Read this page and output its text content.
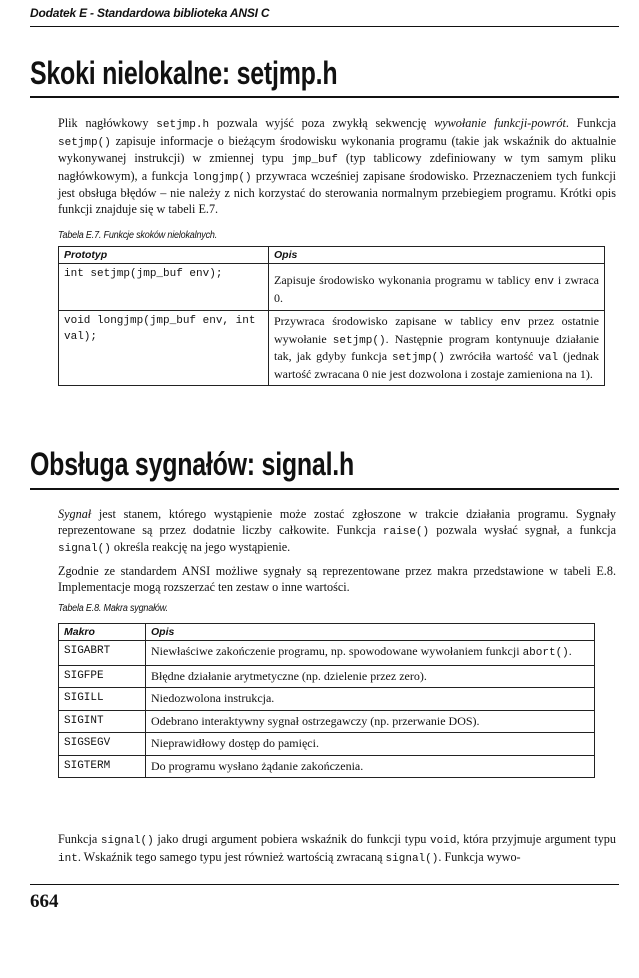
Dodatek E - Standardowa biblioteka ANSI C
Skoki nielokalne: setjmp.h
Plik nagłówkowy setjmp.h pozwala wyjść poza zwykłą sekwencję wywołanie funkcji-powrót. Funkcja setjmp() zapisuje informacje o bieżącym środowisku wykonania programu (takie jak wskaźnik do aktualnie wykonywanej instrukcji) w zmiennej typu jmp_buf (typ tablicowy zdefiniowany w tym samym pliku nagłówkowym), a funkcja longjmp() przywraca wcześniej zapisane środowisko. Przeznaczeniem tych funkcji jest obsługa błędów – nie należy z nich korzystać do sterowania normalnym przebiegiem programu. Krótki opis funkcji znajduje się w tabeli E.7.
Tabela E.7. Funkcje skoków nielokalnych.
Prototyp	Opis
int setjmp(jmp_buf env);	Zapisuje środowisko wykonania programu w tablicy env i zwraca 0.
void longjmp(jmp_buf env, int val);	Przywraca środowisko zapisane w tablicy env przez ostatnie wywołanie setjmp(). Następnie program kontynuuje działanie tak, jak gdyby funkcja setjmp() zwróciła wartość val (jednak wartość zwracana 0 nie jest dozwolona i zostaje zamieniona na 1).
Obsługa sygnałów: signal.h
Sygnał jest stanem, którego wystąpienie może zostać zgłoszone w trakcie działania programu. Sygnały reprezentowane są przez dodatnie liczby całkowite. Funkcja raise() pozwala wysłać sygnał, a funkcja signal() określa reakcję na jego wystąpienie.
Zgodnie ze standardem ANSI możliwe sygnały są reprezentowane przez makra przedstawione w tabeli E.8. Implementacje mogą rozszerzać ten zestaw o inne wartości.
Tabela E.8. Makra sygnałów.
Makro	Opis
SIGABRT	Niewłaściwe zakończenie programu, np. spowodowane wywołaniem funkcji abort().
SIGFPE	Błędne działanie arytmetyczne (np. dzielenie przez zero).
SIGILL	Niedozwolona instrukcja.
SIGINT	Odebrano interaktywny sygnał ostrzegawczy (np. przerwanie DOS).
SIGSEGV	Nieprawidłowy dostęp do pamięci.
SIGTERM	Do programu wysłano żądanie zakończenia.
Funkcja signal() jako drugi argument pobiera wskaźnik do funkcji typu void, która przyjmuje argument typu int. Wskaźnik tego samego typu jest również wartością zwracaną signal(). Funkcja wywo-
664
